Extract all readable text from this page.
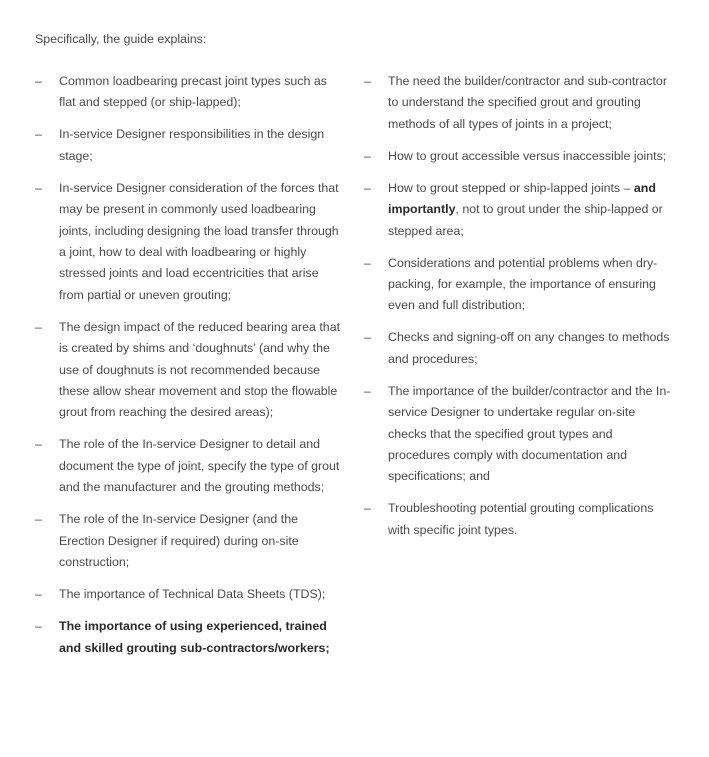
Specifically, the guide explains:

– Common loadbearing precast joint types such as flat and stepped (or ship-lapped);
– In-service Designer responsibilities in the design stage;
– In-service Designer consideration of the forces that may be present in commonly used loadbearing joints, including designing the load transfer through a joint, how to deal with loadbearing or highly stressed joints and load eccentricities that arise from partial or uneven grouting;
– The design impact of the reduced bearing area that is created by shims and ‘doughnuts’ (and why the use of doughnuts is not recommended because these allow shear movement and stop the flowable grout from reaching the desired areas);
– The role of the In-service Designer to detail and document the type of joint, specify the type of grout and the manufacturer and the grouting methods;
– The role of the In-service Designer (and the Erection Designer if required) during on-site construction;
– The importance of Technical Data Sheets (TDS);
– The importance of using experienced, trained and skilled grouting sub-contractors/workers;
– The need the builder/contractor and sub-contractor to understand the specified grout and grouting methods of all types of joints in a project;
– How to grout accessible versus inaccessible joints;
– How to grout stepped or ship-lapped joints – and importantly, not to grout under the ship-lapped or stepped area;
– Considerations and potential problems when dry-packing, for example, the importance of ensuring even and full distribution;
– Checks and signing-off on any changes to methods and procedures;
– The importance of the builder/contractor and the In-service Designer to undertake regular on-site checks that the specified grout types and procedures comply with documentation and specifications; and
– Troubleshooting potential grouting complications with specific joint types.
